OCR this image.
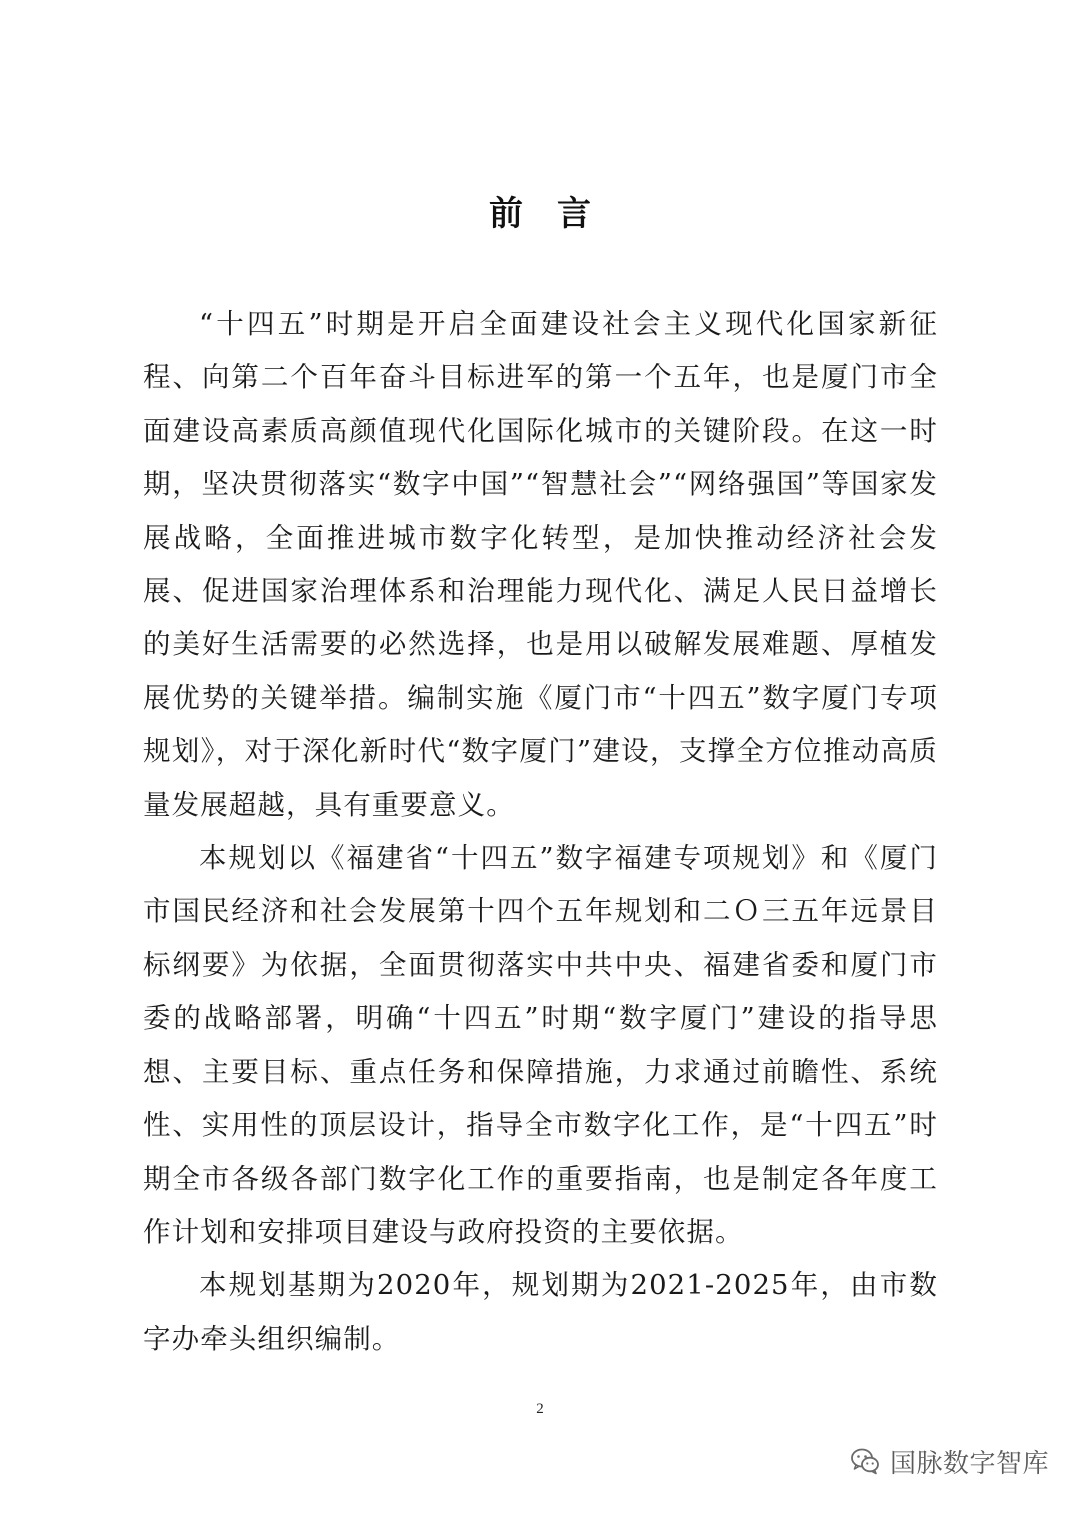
前言

“十四五”时期是开启全面建设社会主义现代化国家新征程、向第二个百年奋斗目标进军的第一个五年，也是厦门市全面建设高素质高颜值现代化国际化城市的关键阶段。在这一时期，坚决贯彻落实“数字中国”“智慧社会”“网络强国”等国家发展战略，全面推进城市数字化转型，是加快推动经济社会发展、促进国家治理体系和治理能力现代化、满足人民日益增长的美好生活需要的必然选择，也是用以破解发展难题、厚植发展优势的关键举措。编制实施《厦门市“十四五”数字厦门专项规划》，对于深化新时代“数字厦门”建设，支撑全方位推动高质量发展超越，具有重要意义。

本规划以《福建省“十四五”数字福建专项规划》和《厦门市国民经济和社会发展第十四个五年规划和二Ｏ三五年远景目标纲要》为依据，全面贯彻落实中共中央、福建省委和厦门市委的战略部署，明确“十四五”时期“数字厦门”建设的指导思想、主要目标、重点任务和保障措施，力求通过前瞻性、系统性、实用性的顶层设计，指导全市数字化工作，是“十四五”时期全市各级各部门数字化工作的重要指南，也是制定各年度工作计划和安排项目建设与政府投资的主要依据。

本规划基期为2020年，规划期为2021-2025年，由市数字办牵头组织编制。

2
国脉数字智库
